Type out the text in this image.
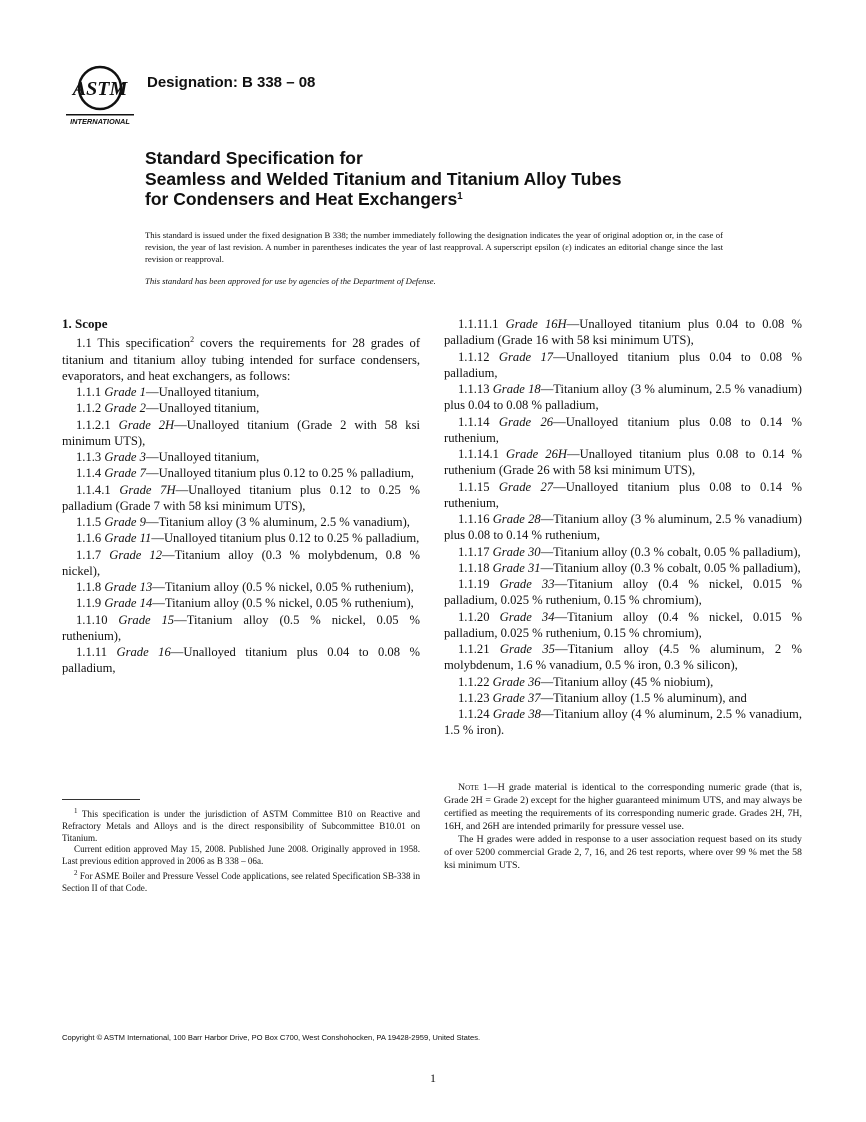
ASTM
INTERNATIONAL
Designation: B 338 – 08
Standard Specification for
Seamless and Welded Titanium and Titanium Alloy Tubes
for Condensers and Heat Exchangers$^1$
This standard is issued under the fixed designation B 338; the number immediately following the designation indicates the year of original adoption or, in the case of revision, the year of last revision. A number in parentheses indicates the year of last reapproval. A superscript epsilon (ε) indicates an editorial change since the last revision or reapproval.
This standard has been approved for use by agencies of the Department of Defense.

1. Scope

1.1 This specification$^2$ covers the requirements for 28 grades of titanium and titanium alloy tubing intended for surface condensers, evaporators, and heat exchangers, as follows:

1.1.1 Grade 1—Unalloyed titanium,

1.1.2 Grade 2—Unalloyed titanium,

1.1.2.1 Grade 2H—Unalloyed titanium (Grade 2 with 58 ksi minimum UTS),

1.1.3 Grade 3—Unalloyed titanium,

1.1.4 Grade 7—Unalloyed titanium plus 0.12 to 0.25 % palladium,

1.1.4.1 Grade 7H—Unalloyed titanium plus 0.12 to 0.25 % palladium (Grade 7 with 58 ksi minimum UTS),

1.1.5 Grade 9—Titanium alloy (3 % aluminum, 2.5 % vanadium),

1.1.6 Grade 11—Unalloyed titanium plus 0.12 to 0.25 % palladium,

1.1.7 Grade 12—Titanium alloy (0.3 % molybdenum, 0.8 % nickel),

1.1.8 Grade 13—Titanium alloy (0.5 % nickel, 0.05 % ruthenium),

1.1.9 Grade 14—Titanium alloy (0.5 % nickel, 0.05 % ruthenium),

1.1.10 Grade 15—Titanium alloy (0.5 % nickel, 0.05 % ruthenium),

1.1.11 Grade 16—Unalloyed titanium plus 0.04 to 0.08 % palladium,

1.1.11.1 Grade 16H—Unalloyed titanium plus 0.04 to 0.08 % palladium (Grade 16 with 58 ksi minimum UTS),

1.1.12 Grade 17—Unalloyed titanium plus 0.04 to 0.08 % palladium,

1.1.13 Grade 18—Titanium alloy (3 % aluminum, 2.5 % vanadium) plus 0.04 to 0.08 % palladium,

1.1.14 Grade 26—Unalloyed titanium plus 0.08 to 0.14 % ruthenium,

1.1.14.1 Grade 26H—Unalloyed titanium plus 0.08 to 0.14 % ruthenium (Grade 26 with 58 ksi minimum UTS),

1.1.15 Grade 27—Unalloyed titanium plus 0.08 to 0.14 % ruthenium,

1.1.16 Grade 28—Titanium alloy (3 % aluminum, 2.5 % vanadium) plus 0.08 to 0.14 % ruthenium,

1.1.17 Grade 30—Titanium alloy (0.3 % cobalt, 0.05 % palladium),

1.1.18 Grade 31—Titanium alloy (0.3 % cobalt, 0.05 % palladium),

1.1.19 Grade 33—Titanium alloy (0.4 % nickel, 0.015 % palladium, 0.025 % ruthenium, 0.15 % chromium),

1.1.20 Grade 34—Titanium alloy (0.4 % nickel, 0.015 % palladium, 0.025 % ruthenium, 0.15 % chromium),

1.1.21 Grade 35—Titanium alloy (4.5 % aluminum, 2 % molybdenum, 1.6 % vanadium, 0.5 % iron, 0.3 % silicon),

1.1.22 Grade 36—Titanium alloy (45 % niobium),

1.1.23 Grade 37—Titanium alloy (1.5 % aluminum), and

1.1.24 Grade 38—Titanium alloy (4 % aluminum, 2.5 % vanadium, 1.5 % iron).

Note 1—H grade material is identical to the corresponding numeric grade (that is, Grade 2H = Grade 2) except for the higher guaranteed minimum UTS, and may always be certified as meeting the requirements of its corresponding numeric grade. Grades 2H, 7H, 16H, and 26H are intended primarily for pressure vessel use.

The H grades were added in response to a user association request based on its study of over 5200 commercial Grade 2, 7, 16, and 26 test reports, where over 99 % met the 58 ksi minimum UTS.

$^1$ This specification is under the jurisdiction of ASTM Committee B10 on Reactive and Refractory Metals and Alloys and is the direct responsibility of Subcommittee B10.01 on Titanium.

Current edition approved May 15, 2008. Published June 2008. Originally approved in 1958. Last previous edition approved in 2006 as B 338 – 06a.

$^2$ For ASME Boiler and Pressure Vessel Code applications, see related Specification SB-338 in Section II of that Code.

Copyright © ASTM International, 100 Barr Harbor Drive, PO Box C700, West Conshohocken, PA 19428-2959, United States.
1
